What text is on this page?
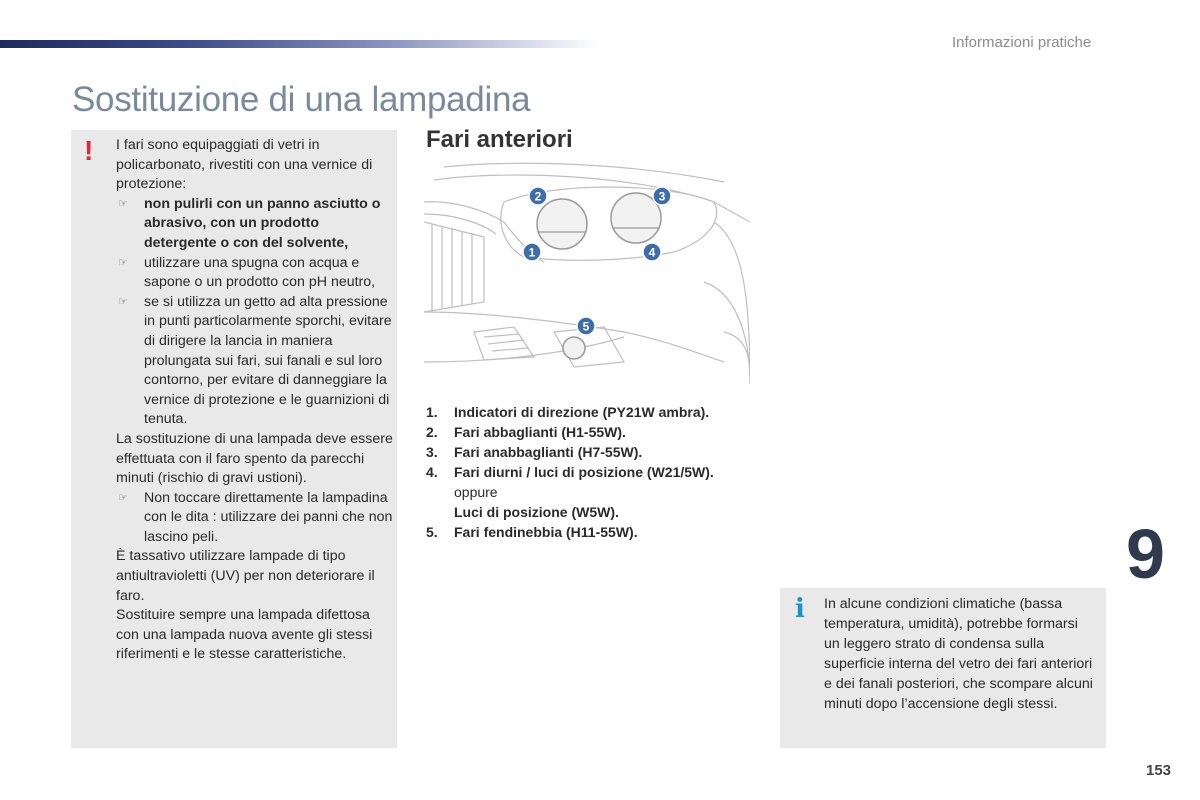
Informazioni pratiche
Sostituzione di una lampadina
!	I fari sono equipaggiati di vetri in policarbonato, rivestiti con una vernice di protezione:

☞ non pulirli con un panno asciutto o abrasivo, con un prodotto detergente o con del solvente,
☞ utilizzare una spugna con acqua e sapone o un prodotto con pH neutro,
☞ se si utilizza un getto ad alta pressione in punti particolarmente sporchi, evitare di dirigere la lancia in maniera prolungata sui fari, sui fanali e sul loro contorno, per evitare di danneggiare la vernice di protezione e le guarnizioni di tenuta.

La sostituzione di una lampada deve essere effettuata con il faro spento da parecchi minuti (rischio di gravi ustioni).

☞ Non toccare direttamente la lampadina con le dita : utilizzare dei panni che non lascino peli.

È tassativo utilizzare lampade di tipo antiultravioletti (UV) per non deteriorare il faro.

Sostituire sempre una lampada difettosa con una lampada nuova avente gli stessi riferimenti e le stesse caratteristiche.

Fari anteriori
1
2	3
4
5
1.	Indicatori di direzione (PY21W ambra).
2.	Fari abbaglianti (H1-55W).
3.	Fari anabbaglianti (H7-55W).
4.	Fari diurni / luci di posizione (W21/5W).
oppure
Luci di posizione (W5W).
5.	Fari fendinebbia (H11-55W).	9
i In alcune condizioni climatiche (bassa temperatura, umidità), potrebbe formarsi un leggero strato di condensa sulla superficie interna del vetro dei fari anteriori e dei fanali posteriori, che scompare alcuni minuti dopo l’accensione degli stessi.
153
